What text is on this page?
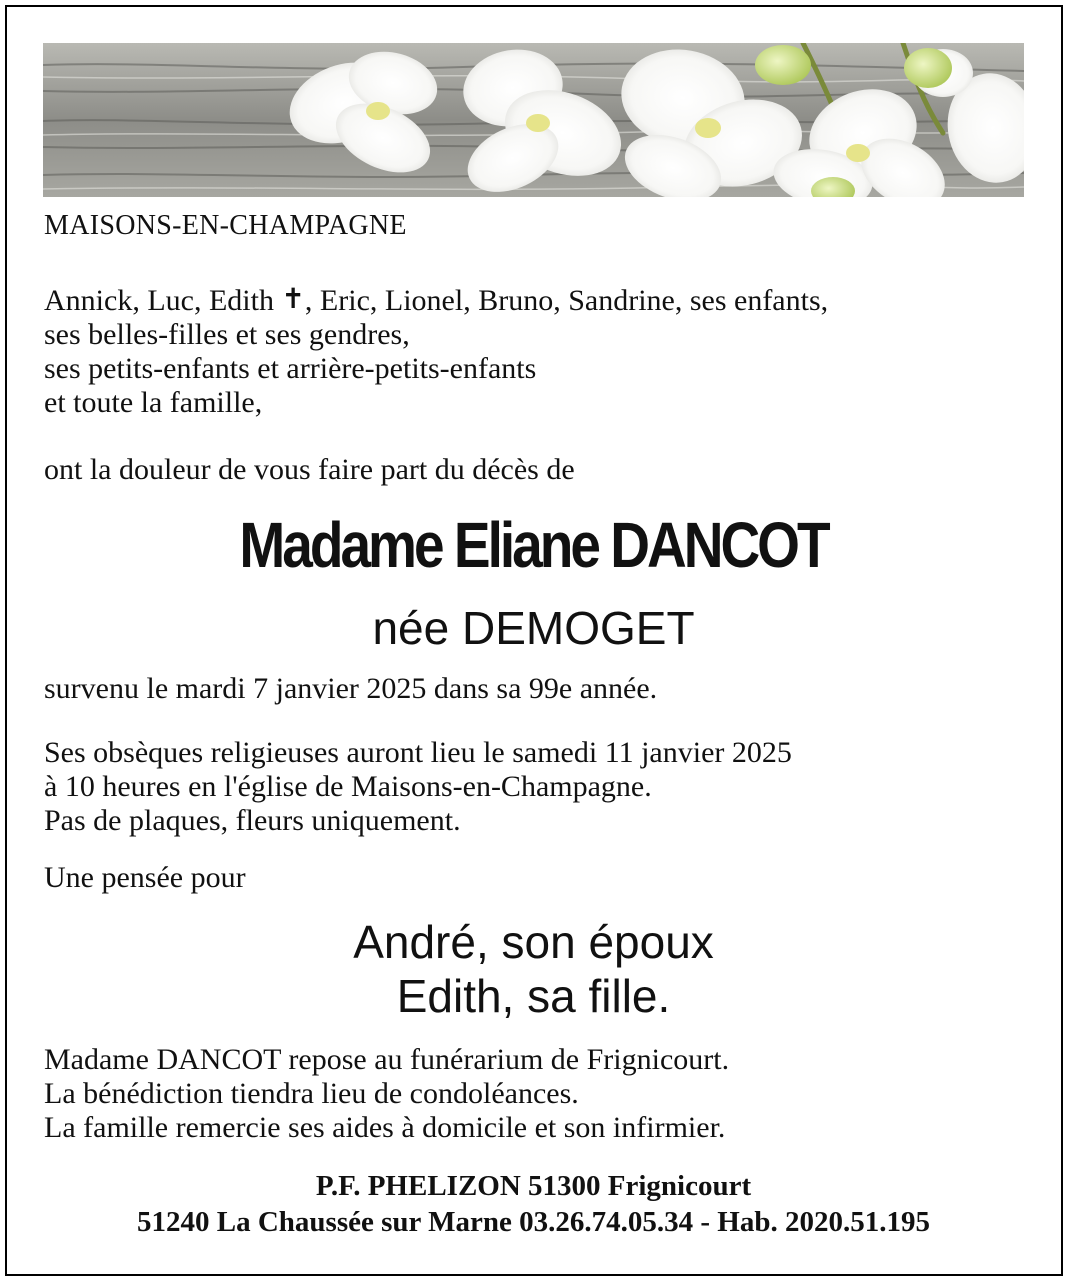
MAISONS-EN-CHAMPAGNE

Annick, Luc, Edith ✝, Eric, Lionel, Bruno, Sandrine, ses enfants,
ses belles-filles et ses gendres,
ses petits-enfants et arrière-petits-enfants
et toute la famille,

ont la douleur de vous faire part du décès de

Madame Eliane DANCOT
née DEMOGET

survenu le mardi 7 janvier 2025 dans sa 99e année.

Ses obsèques religieuses auront lieu le samedi 11 janvier 2025
à 10 heures en l'église de Maisons-en-Champagne.
Pas de plaques, fleurs uniquement.

Une pensée pour

André, son époux
Edith, sa fille.
Madame DANCOT repose au funérarium de Frignicourt.
La bénédiction tiendra lieu de condoléances.
La famille remercie ses aides à domicile et son infirmier.
P.F. PHELIZON 51300 Frignicourt
51240 La Chaussée sur Marne 03.26.74.05.34 - Hab. 2020.51.195
